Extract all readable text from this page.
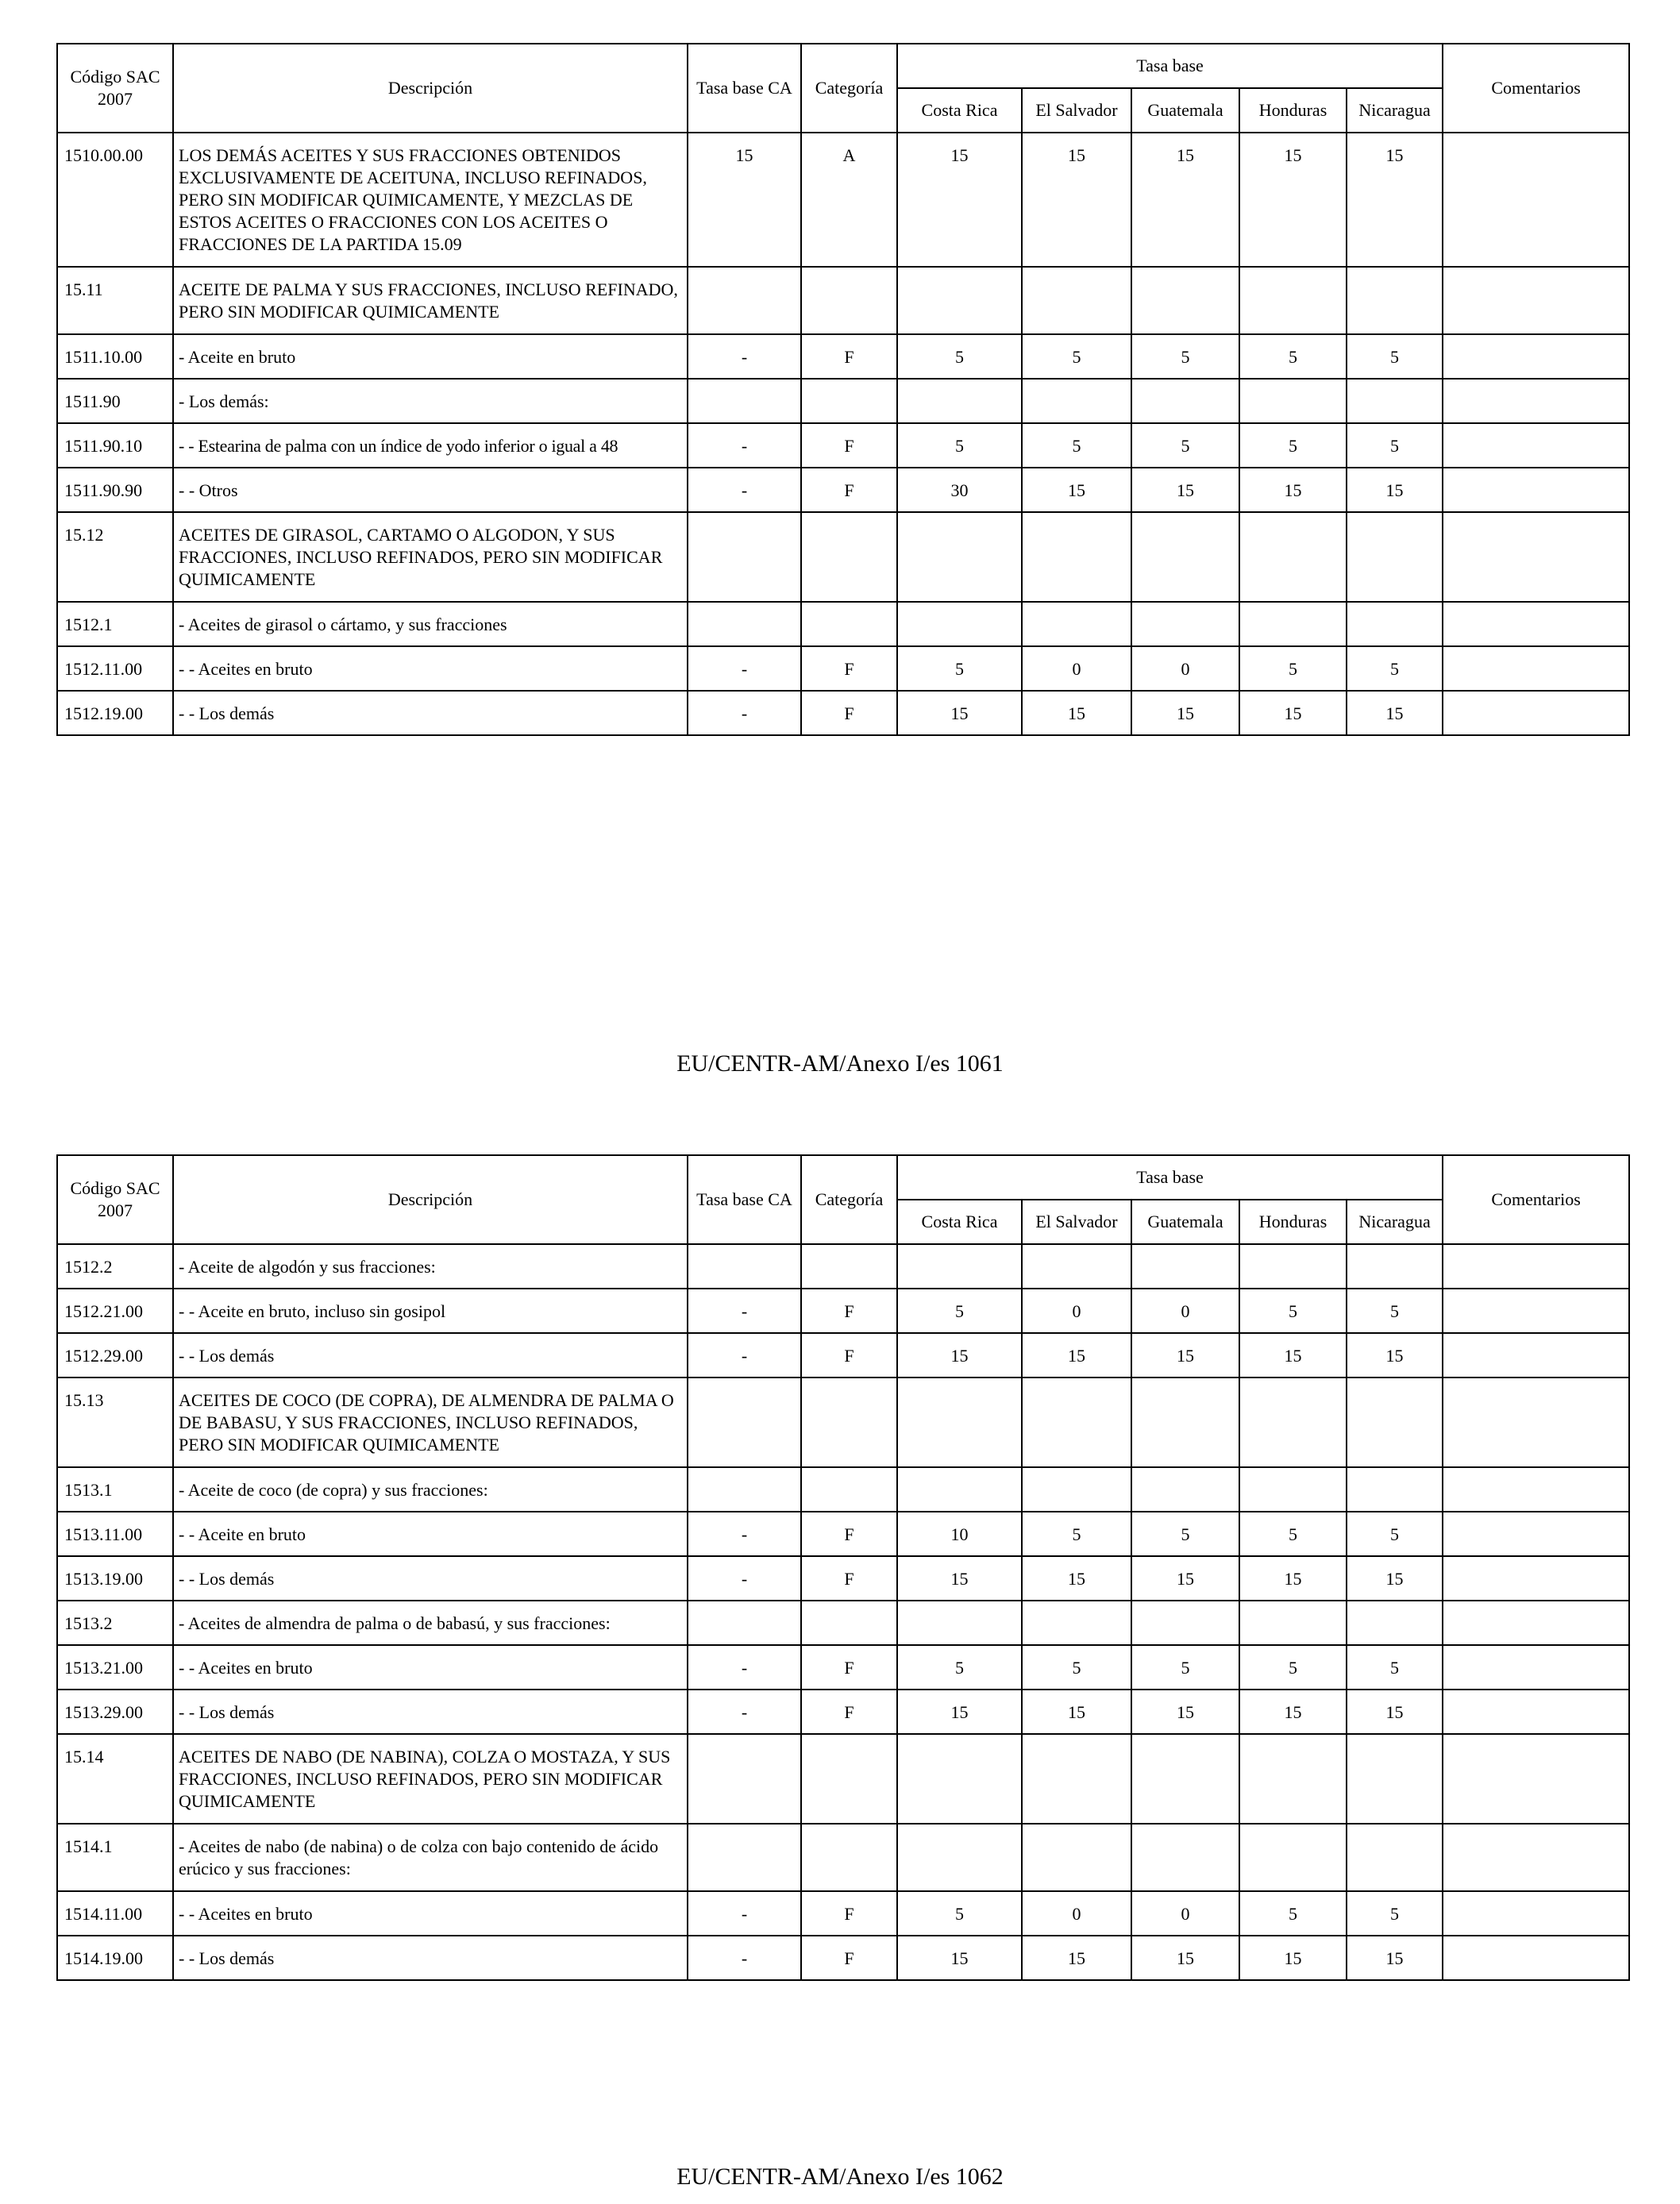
Código SAC 2007	Descripción	Tasa base CA	Categoría	Tasa base					Comentarios
				Costa Rica	El Salvador	Guatemala	Honduras	Nicaragua	
1510.00.00	LOS DEMÁS ACEITES Y SUS FRACCIONES OBTENIDOS EXCLUSIVAMENTE DE ACEITUNA, INCLUSO REFINADOS, PERO SIN MODIFICAR QUIMICAMENTE, Y MEZCLAS DE ESTOS ACEITES O FRACCIONES CON LOS ACEITES O FRACCIONES DE LA PARTIDA 15.09	15	A	15	15	15	15	15	
15.11	ACEITE DE PALMA Y SUS FRACCIONES, INCLUSO REFINADO, PERO SIN MODIFICAR QUIMICAMENTE								
1511.10.00	- Aceite en bruto	-	F	5	5	5	5	5	
1511.90	- Los demás:								
1511.90.10	- - Estearina de palma con un índice de yodo inferior o igual a 48	-	F	5	5	5	5	5	
1511.90.90	- - Otros	-	F	30	15	15	15	15	
15.12	ACEITES DE GIRASOL, CARTAMO O ALGODON, Y SUS FRACCIONES, INCLUSO REFINADOS, PERO SIN MODIFICAR QUIMICAMENTE								
1512.1	- Aceites de girasol o cártamo, y sus fracciones								
1512.11.00	- - Aceites en bruto	-	F	5	0	0	5	5	
1512.19.00	- - Los demás	-	F	15	15	15	15	15	
EU/CENTR-AM/Anexo I/es 1061
Código SAC 2007	Descripción	Tasa base CA	Categoría	Tasa base					Comentarios
				Costa Rica	El Salvador	Guatemala	Honduras	Nicaragua	
1512.2	- Aceite de algodón y sus fracciones:								
1512.21.00	- - Aceite en bruto, incluso sin gosipol	-	F	5	0	0	5	5	
1512.29.00	- - Los demás	-	F	15	15	15	15	15	
15.13	ACEITES DE COCO (DE COPRA), DE ALMENDRA DE PALMA O DE BABASU, Y SUS FRACCIONES, INCLUSO REFINADOS, PERO SIN MODIFICAR QUIMICAMENTE								
1513.1	- Aceite de coco (de copra) y sus fracciones:								
1513.11.00	- - Aceite en bruto	-	F	10	5	5	5	5	
1513.19.00	- - Los demás	-	F	15	15	15	15	15	
1513.2	- Aceites de almendra de palma o de babasú, y sus fracciones:								
1513.21.00	- - Aceites en bruto	-	F	5	5	5	5	5	
1513.29.00	- - Los demás	-	F	15	15	15	15	15	
15.14	ACEITES DE NABO (DE NABINA), COLZA O MOSTAZA, Y SUS FRACCIONES, INCLUSO REFINADOS, PERO SIN MODIFICAR QUIMICAMENTE								
1514.1	- Aceites de nabo (de nabina) o de colza con bajo contenido de ácido erúcico y sus fracciones:								
1514.11.00	- - Aceites en bruto	-	F	5	0	0	5	5	
1514.19.00	- - Los demás	-	F	15	15	15	15	15	
EU/CENTR-AM/Anexo I/es 1062
